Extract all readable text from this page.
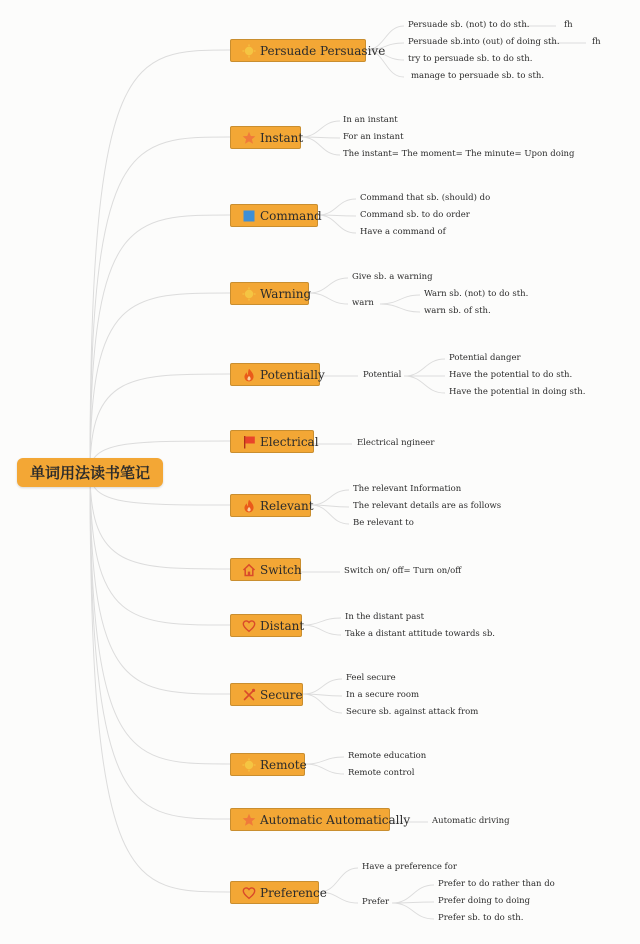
单词用法读书笔记
Persuade Persuasive
Persuade sb. (not) to do sth.	fh
Persuade sb.into (out) of doing sth.	fh
try to persuade sb. to do sth.
manage to persuade sb. to sth.
Instant
In an instant
For an instant
The instant= The moment= The minute= Upon doing
Command
Command that sb. (should) do
Command sb. to do order
Have a command of
Warning
Give sb. a warning
warn
Warn sb. (not) to do sth.
warn sb. of sth.
Potentially	Potential
Potential danger
Have the potential to do sth.
Have the potential in doing sth.
Electrical	Electrical ngineer
Relevant
The relevant Information
The relevant details are as follows
Be relevant to
Switch	Switch on/ off= Turn on/off
Distant
In the distant past
Take a distant attitude towards sb.
Secure
Feel secure
In a secure room
Secure sb. against attack from
Remote
Remote education
Remote control
Automatic Automatically	Automatic driving
Preference
Have a preference for
Prefer
Prefer to do rather than do
Prefer doing to doing
Prefer sb. to do sth.
